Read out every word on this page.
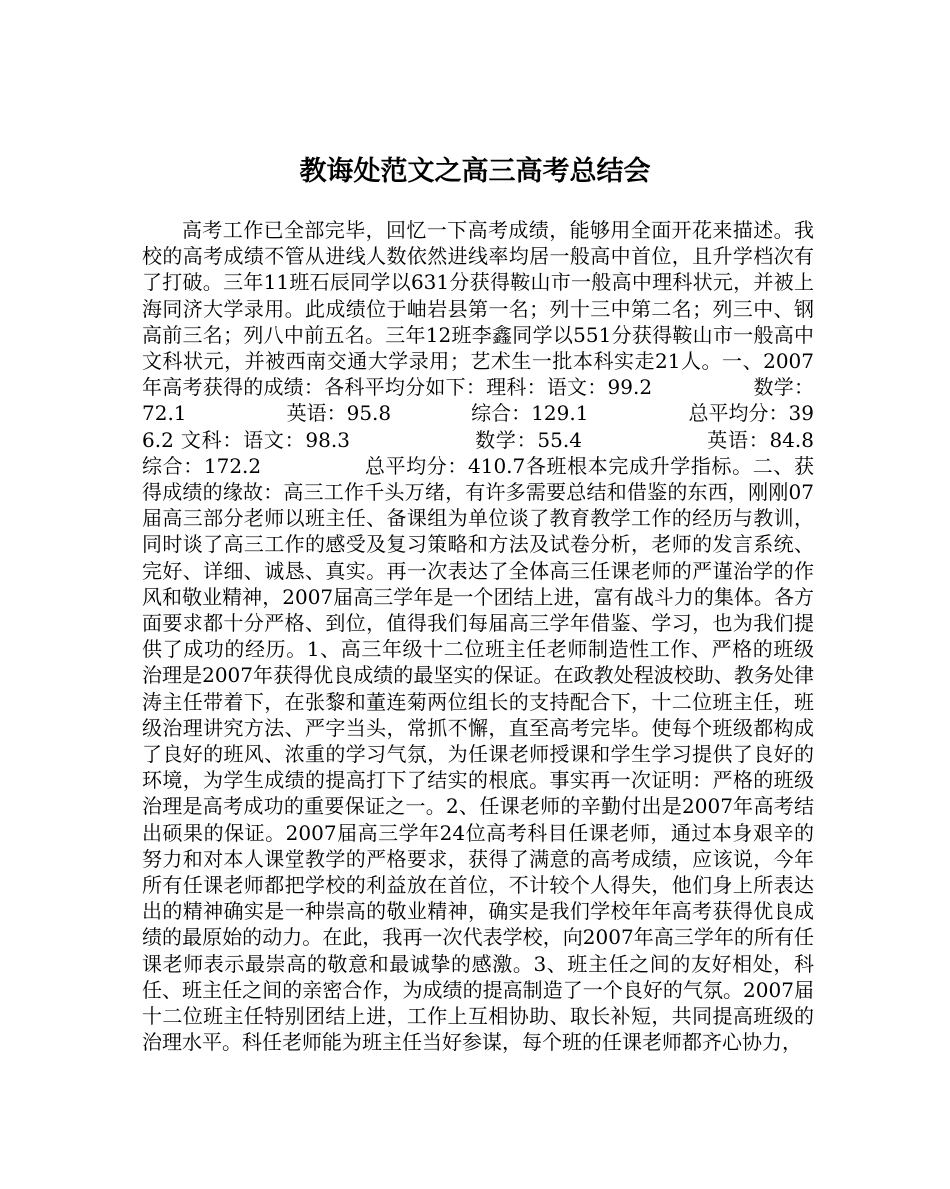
教诲处范文之高三高考总结会

高考工作已全部完毕，回忆一下高考成绩，能够用全面开花来描述。我校的高考成绩不管从进线人数依然进线率均居一般高中首位，且升学档次有了打破。三年11班石辰同学以631分获得鞍山市一般高中理科状元，并被上海同济大学录用。此成绩位于岫岩县第一名；列十三中第二名；列三中、钢高前三名；列八中前五名。三年12班李鑫同学以551分获得鞍山市一般高中文科状元，并被西南交通大学录用；艺术生一批本科实走21人。一、2007年高考获得的成绩：各科平均分如下：理科：语文：99.2　　　　　数学：72.1　　　　　英语：95.8　　　　综合：129.1　　　　　总平均分：396.2 文科：语文：98.3　　　　　　数学：55.4　　　　　　英语：84.8　　　　综合：172.2　　　　　总平均分：410.7各班根本完成升学指标。二、获得成绩的缘故：高三工作千头万绪，有许多需要总结和借鉴的东西，刚刚07届高三部分老师以班主任、备课组为单位谈了教育教学工作的经历与教训，同时谈了高三工作的感受及复习策略和方法及试卷分析，老师的发言系统、完好、详细、诚恳、真实。再一次表达了全体高三任课老师的严谨治学的作风和敬业精神，2007届高三学年是一个团结上进，富有战斗力的集体。各方面要求都十分严格、到位，值得我们每届高三学年借鉴、学习，也为我们提供了成功的经历。1、高三年级十二位班主任老师制造性工作、严格的班级治理是2007年获得优良成绩的最坚实的保证。在政教处程波校助、教务处律涛主任带着下，在张黎和董连菊两位组长的支持配合下，十二位班主任，班级治理讲究方法、严字当头，常抓不懈，直至高考完毕。使每个班级都构成了良好的班风、浓重的学习气氛，为任课老师授课和学生学习提供了良好的环境，为学生成绩的提高打下了结实的根底。事实再一次证明：严格的班级治理是高考成功的重要保证之一。2、任课老师的辛勤付出是2007年高考结出硕果的保证。2007届高三学年24位高考科目任课老师，通过本身艰辛的努力和对本人课堂教学的严格要求，获得了满意的高考成绩，应该说，今年所有任课老师都把学校的利益放在首位，不计较个人得失，他们身上所表达出的精神确实是一种崇高的敬业精神，确实是我们学校年年高考获得优良成绩的最原始的动力。在此，我再一次代表学校，向2007年高三学年的所有任课老师表示最崇高的敬意和最诚挚的感激。3、班主任之间的友好相处，科任、班主任之间的亲密合作，为成绩的提高制造了一个良好的气氛。2007届十二位班主任特别团结上进，工作上互相协助、取长补短，共同提高班级的治理水平。科任老师能为班主任当好参谋，每个班的任课老师都齐心协力，
